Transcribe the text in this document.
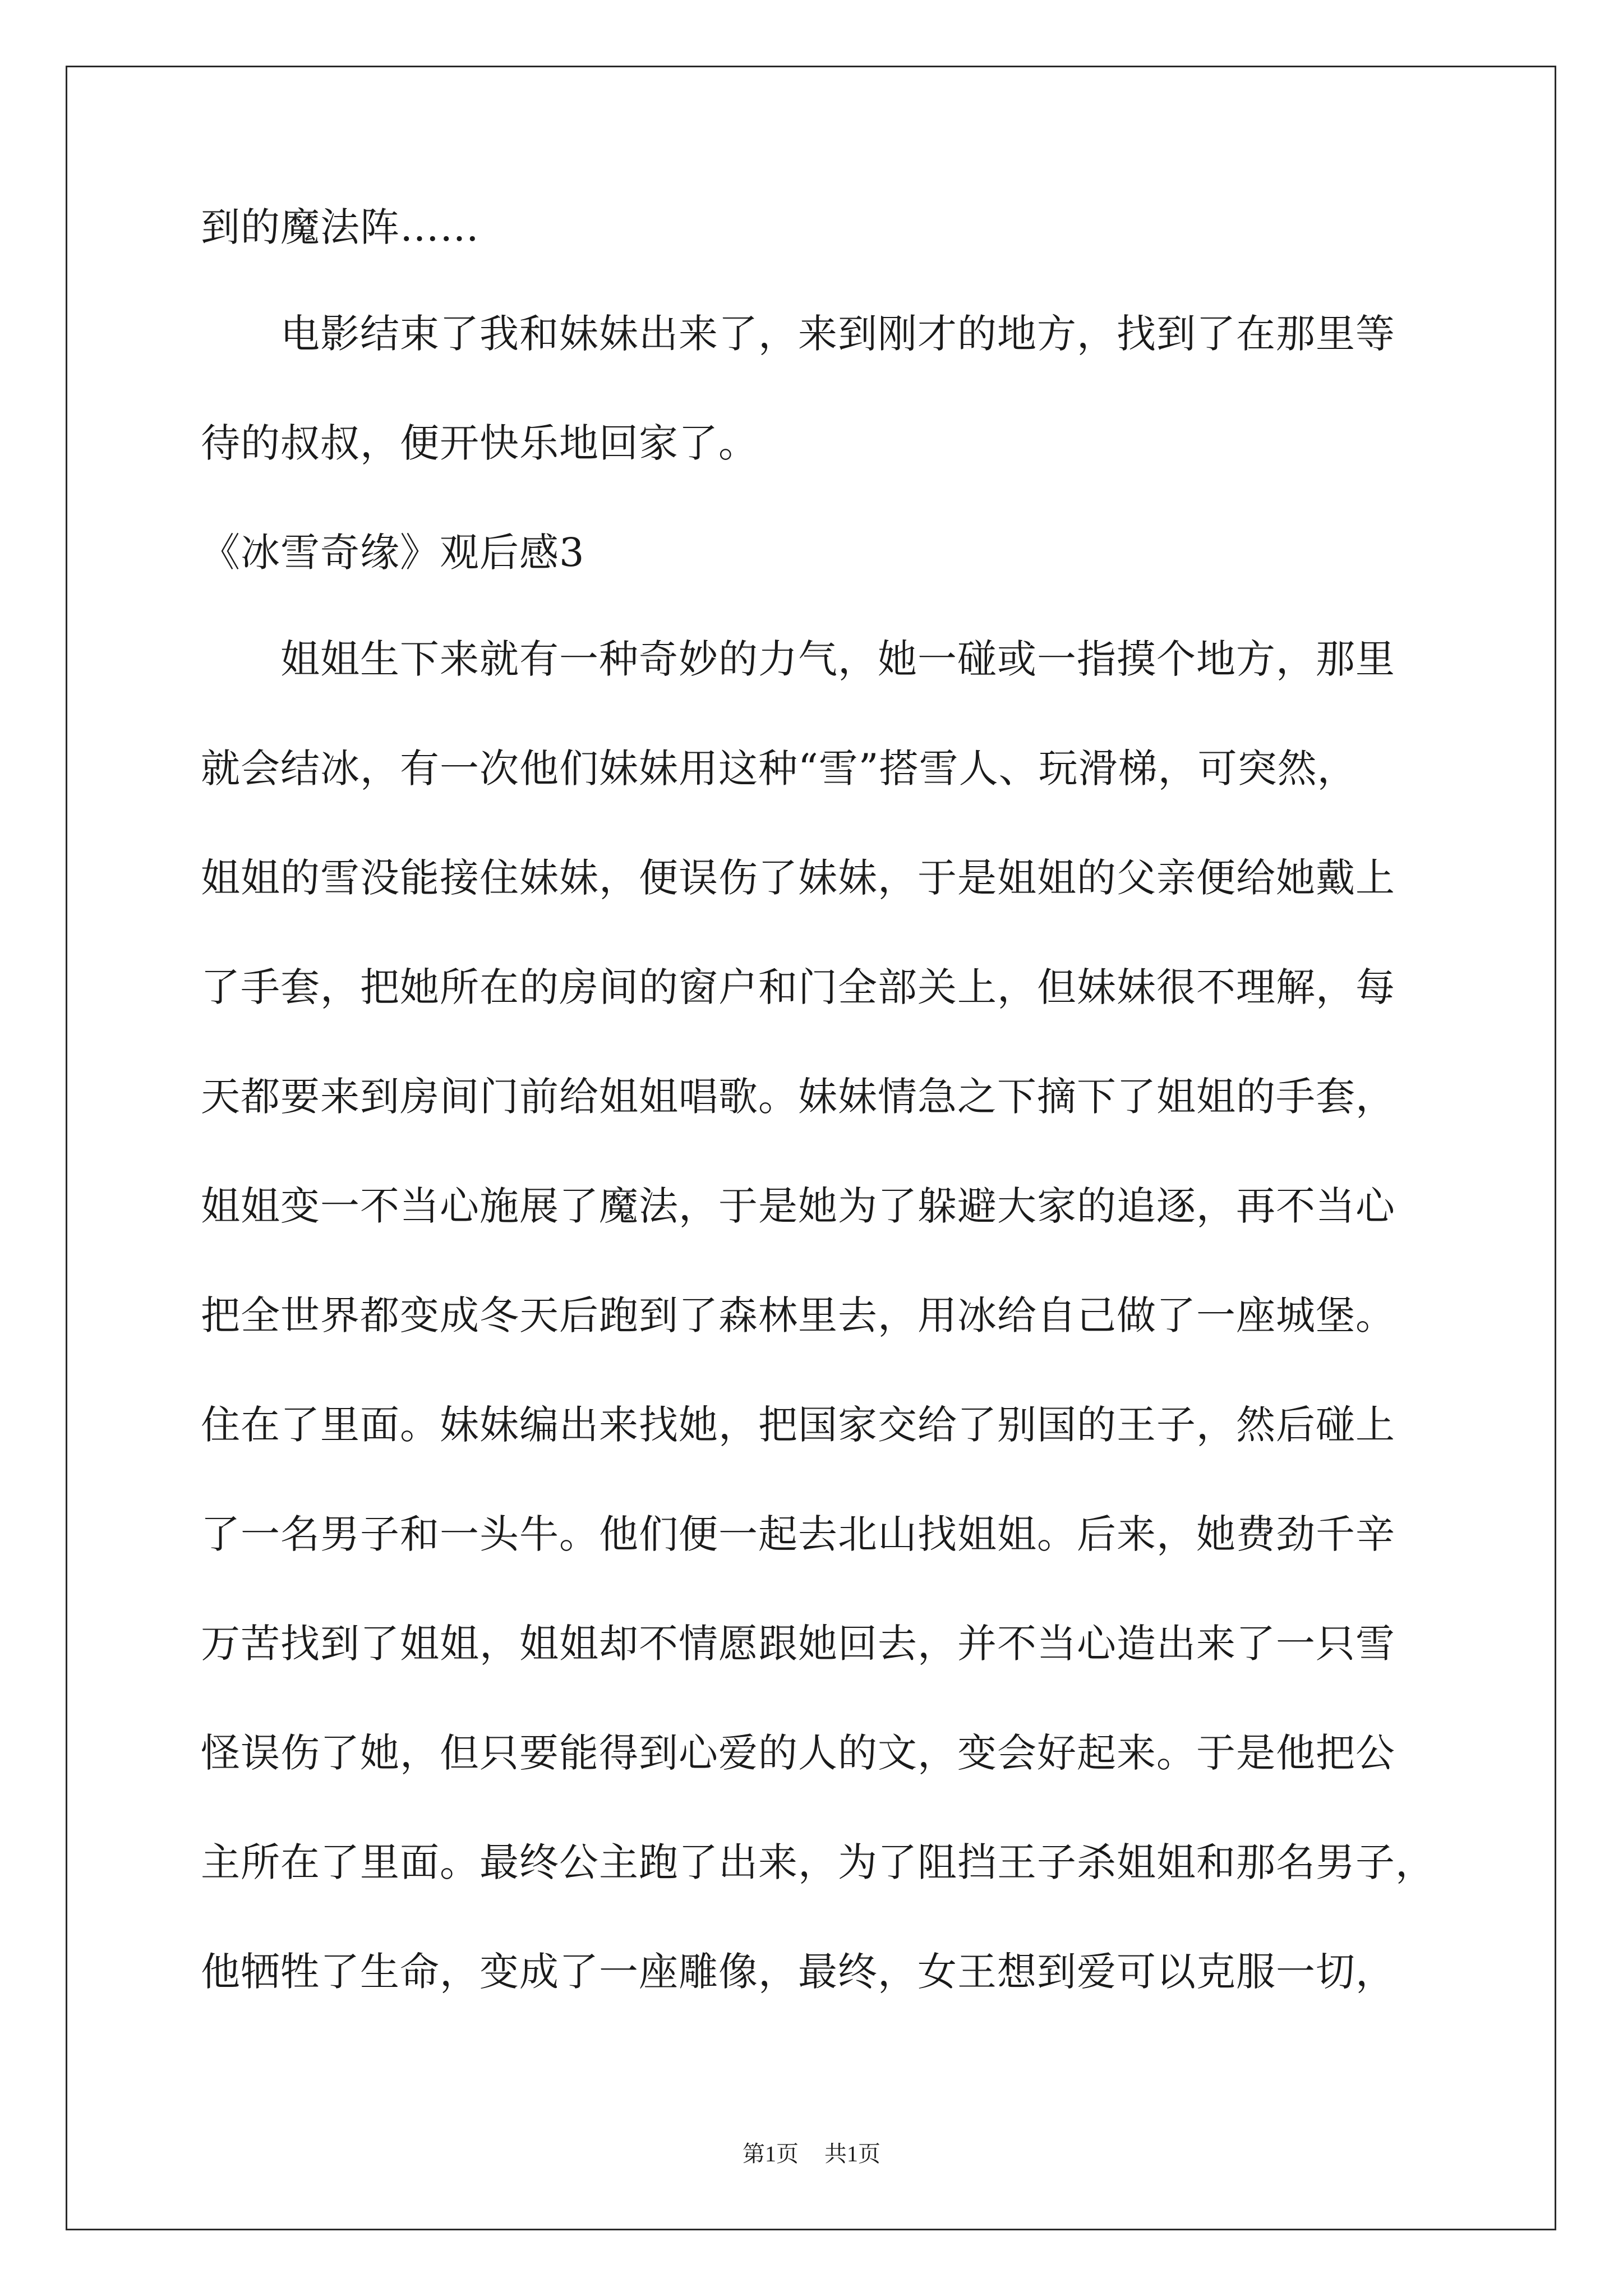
到的魔法阵……
　　电影结束了我和妹妹出来了，来到刚才的地方，找到了在那里等
待的叔叔，便开快乐地回家了。
《冰雪奇缘》观后感3
　　姐姐生下来就有一种奇妙的力气，她一碰或一指摸个地方，那里
就会结冰，有一次他们妹妹用这种“雪”搭雪人、玩滑梯，可突然，
姐姐的雪没能接住妹妹，便误伤了妹妹，于是姐姐的父亲便给她戴上
了手套，把她所在的房间的窗户和门全部关上，但妹妹很不理解，每
天都要来到房间门前给姐姐唱歌。妹妹情急之下摘下了姐姐的手套，
姐姐变一不当心施展了魔法，于是她为了躲避大家的追逐，再不当心
把全世界都变成冬天后跑到了森林里去，用冰给自己做了一座城堡。
住在了里面。妹妹编出来找她，把国家交给了别国的王子，然后碰上
了一名男子和一头牛。他们便一起去北山找姐姐。后来，她费劲千辛
万苦找到了姐姐，姐姐却不情愿跟她回去，并不当心造出来了一只雪
怪误伤了她，但只要能得到心爱的人的文，变会好起来。于是他把公
主所在了里面。最终公主跑了出来，为了阻挡王子杀姐姐和那名男子，
他牺牲了生命，变成了一座雕像，最终，女王想到爱可以克服一切，
第1页 共1页
